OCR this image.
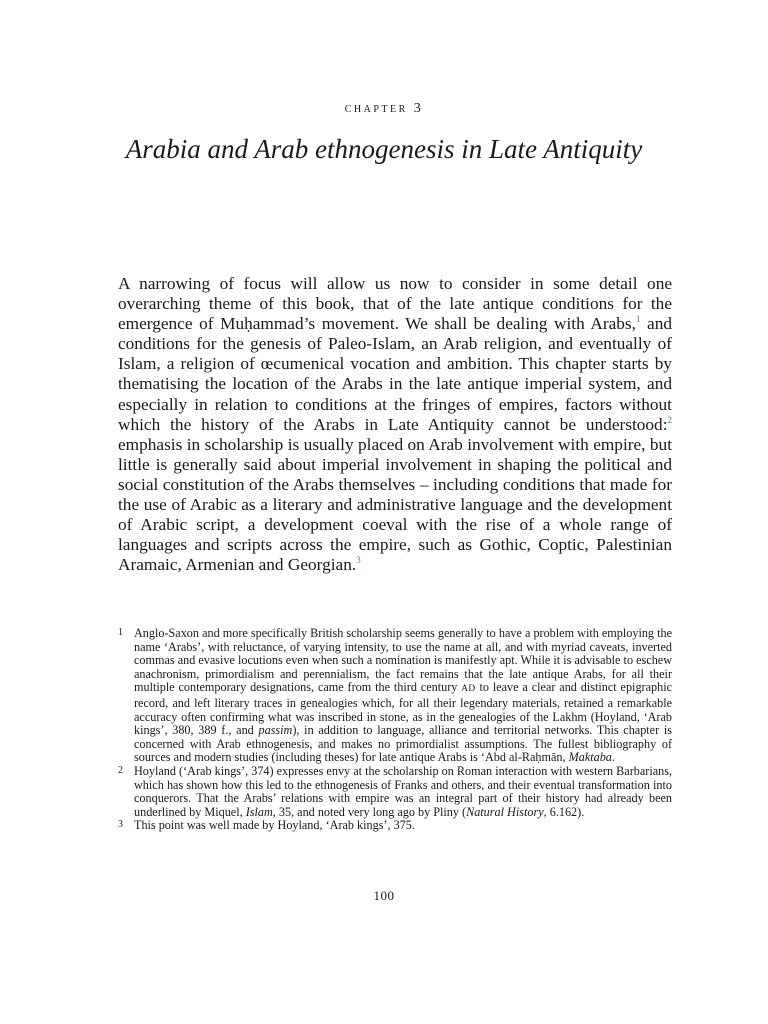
chapter 3
Arabia and Arab ethnogenesis in Late Antiquity

A narrowing of focus will allow us now to consider in some detail one overarching theme of this book, that of the late antique conditions for the emergence of Muḥammad’s movement. We shall be dealing with Arabs,$^1$ and conditions for the genesis of Paleo-Islam, an Arab religion, and eventually of Islam, a religion of œcumenical vocation and ambition. This chapter starts by thematising the location of the Arabs in the late antique imperial system, and especially in relation to conditions at the fringes of empires, factors without which the history of the Arabs in Late Antiquity cannot be understood:$^2$ emphasis in scholarship is usually placed on Arab involvement with empire, but little is generally said about imperial involvement in shaping the political and social constitution of the Arabs themselves – including conditions that made for the use of Arabic as a literary and administrative language and the development of Arabic script, a development coeval with the rise of a whole range of languages and scripts across the empire, such as Gothic, Coptic, Palestinian Aramaic, Armenian and Georgian.$^3$

1 Anglo-Saxon and more specifically British scholarship seems generally to have a problem with employing the name ‘Arabs’, with reluctance, of varying intensity, to use the name at all, and with myriad caveats, inverted commas and evasive locutions even when such a nomination is manifestly apt. While it is advisable to eschew anachronism, primordialism and perennialism, the fact remains that the late antique Arabs, for all their multiple contemporary designations, came from the third century AD to leave a clear and distinct epigraphic record, and left literary traces in genealogies which, for all their legendary materials, retained a remarkable accuracy often confirming what was inscribed in stone, as in the genealogies of the Lakhm (Hoyland, ‘Arab kings’, 380, 389 f., and passim), in addition to language, alliance and territorial networks. This chapter is concerned with Arab ethnogenesis, and makes no primordialist assumptions. The fullest bibliography of sources and modern studies (including theses) for late antique Arabs is ‘Abd al-Raḥmān, Maktaba.

2 Hoyland (‘Arab kings’, 374) expresses envy at the scholarship on Roman interaction with western Barbarians, which has shown how this led to the ethnogenesis of Franks and others, and their eventual transformation into conquerors. That the Arabs’ relations with empire was an integral part of their history had already been underlined by Miquel, Islam, 35, and noted very long ago by Pliny (Natural History, 6.162).

3 This point was well made by Hoyland, ‘Arab kings’, 375.

100
